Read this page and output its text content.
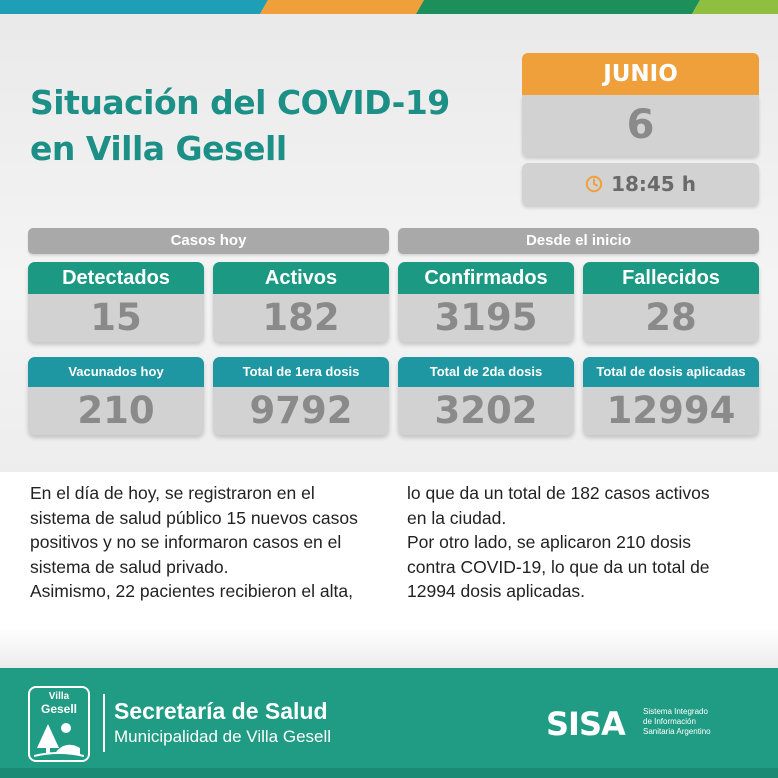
Situación del COVID-19
en Villa Gesell
JUNIO
6
18:45 h
Casos hoy	Desde el inicio
Detectados
15
Activos
182
Confirmados
3195
Fallecidos
28
Vacunados hoy
210
Total de 1era dosis
9792
Total de 2da dosis
3202
Total de dosis aplicadas
12994
En el día de hoy, se registraron en el
sistema de salud público 15 nuevos casos
positivos y no se informaron casos en el
sistema de salud privado.
Asimismo, 22 pacientes recibieron el alta,
lo que da un total de 182 casos activos
en la ciudad.
Por otro lado, se aplicaron 210 dosis
contra COVID-19, lo que da un total de
12994 dosis aplicadas.
Villa
Gesell	Secretaría de Salud
Municipalidad de Villa Gesell	SISA	Sistema Integrado
de Información
Sanitaria Argentino
